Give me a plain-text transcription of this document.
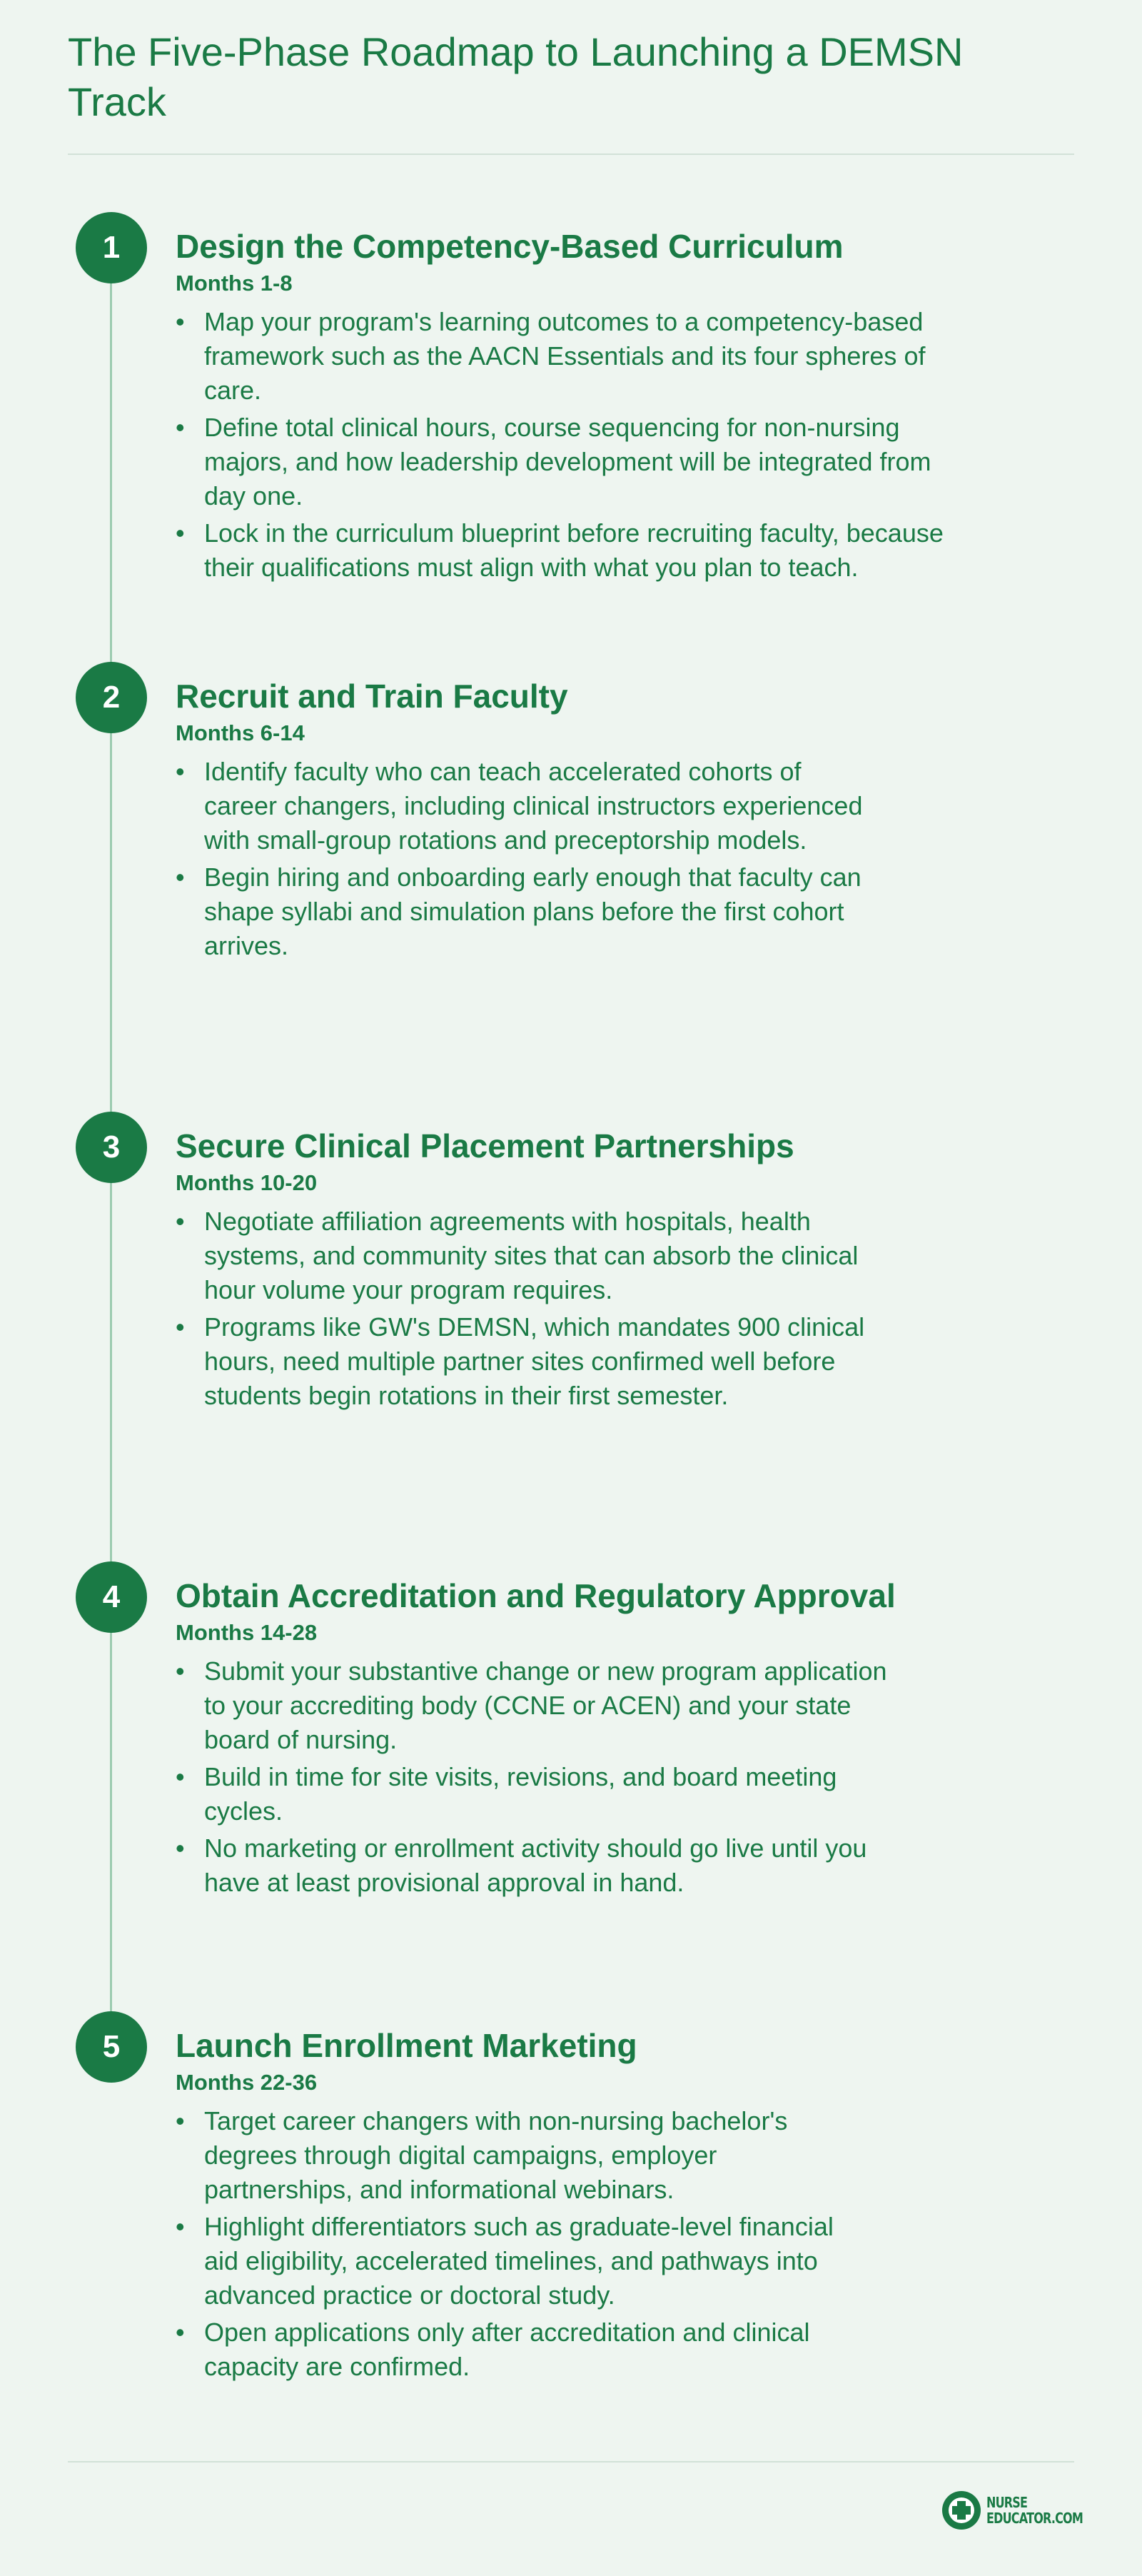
The Five-Phase Roadmap to Launching a DEMSN Track
1	Design the Competency-Based Curriculum
Months 1-8
• Map your program's learning outcomes to a competency-based framework such as the AACN Essentials and its four spheres of care.
• Define total clinical hours, course sequencing for non-nursing majors, and how leadership development will be integrated from day one.
• Lock in the curriculum blueprint before recruiting faculty, because their qualifications must align with what you plan to teach.
2	Recruit and Train Faculty
Months 6-14
• Identify faculty who can teach accelerated cohorts of career changers, including clinical instructors experienced with small-group rotations and preceptorship models.
• Begin hiring and onboarding early enough that faculty can shape syllabi and simulation plans before the first cohort arrives.
3	Secure Clinical Placement Partnerships
Months 10-20
• Negotiate affiliation agreements with hospitals, health systems, and community sites that can absorb the clinical hour volume your program requires.
• Programs like GW's DEMSN, which mandates 900 clinical hours, need multiple partner sites confirmed well before students begin rotations in their first semester.
4	Obtain Accreditation and Regulatory Approval
Months 14-28
• Submit your substantive change or new program application to your accrediting body (CCNE or ACEN) and your state board of nursing.
• Build in time for site visits, revisions, and board meeting cycles.
• No marketing or enrollment activity should go live until you have at least provisional approval in hand.
5	Launch Enrollment Marketing
Months 22-36
• Target career changers with non-nursing bachelor's degrees through digital campaigns, employer partnerships, and informational webinars.
• Highlight differentiators such as graduate-level financial aid eligibility, accelerated timelines, and pathways into advanced practice or doctoral study.
• Open applications only after accreditation and clinical capacity are confirmed.
NURSE
EDUCATOR.COM
